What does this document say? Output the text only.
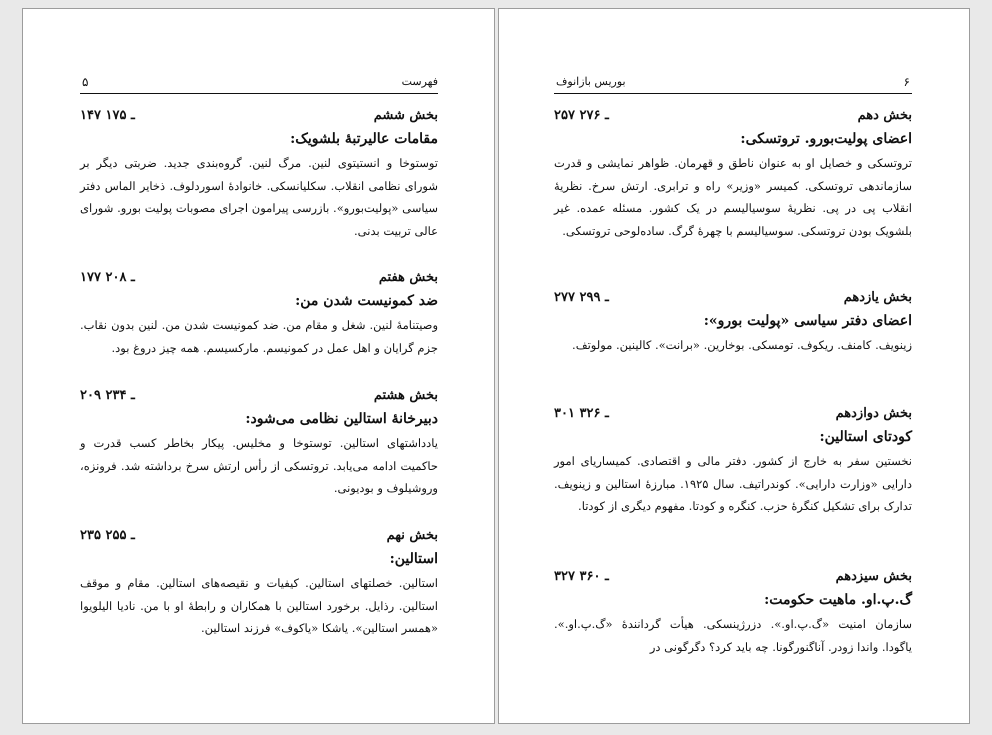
فهرست
۵
بخش ششم
۱۴۷ ـ ۱۷۵
مقامات عالیرتبهٔ بلشویک:
توستوخا و انستیتوی لنین. مرگ لنین. گروه‌بندی جدید. ضربتی دیگر بر شورای نظامی انقلاب. سکلیانسکی. خانوادهٔ اسوردلوف. ذخایر الماس دفتر سیاسی «پولیت‌بورو». بازرسی پیرامون اجرای مصوبات پولیت بورو. شورای عالی تربیت بدنی.
بخش هفتم
۱۷۷ ـ ۲۰۸
ضد کمونیست شدن من:
وصیتنامهٔ لنین. شغل و مقام من. ضد کمونیست شدن من. لنین بدون نقاب. جزم گرایان و اهل عمل در کمونیسم. مارکسیسم. همه چیز دروغ بود.
بخش هشتم
۲۰۹ ـ ۲۳۴
دبیرخانهٔ استالین نظامی می‌شود:
یادداشتهای استالین. توستوخا و مخلیس. پیکار بخاطر کسب قدرت و حاکمیت ادامه می‌یابد. تروتسکی از رأس ارتش سرخ برداشته شد. فرونزه، وروشیلوف و بودیونی.
بخش نهم
۲۳۵ ـ ۲۵۵
استالین:
استالین. خصلتهای استالین. کیفیات و نقیصه‌های استالین. مقام و موقف استالین. رذایل. برخورد استالین با همکاران و رابطهٔ او با من. نادیا الیلویوا «همسر استالین». یاشکا «یاکوف» فرزند استالین.
بوریس بازانوف	۶
بخش دهم
۲۵۷ ـ ۲۷۶
اعضای پولیت‌بورو. تروتسکی:
تروتسکی و خصایل او به عنوان ناطق و قهرمان. ظواهر نمایشی و قدرت سازماندهی تروتسکی. کمیسر «وزیر» راه و ترابری. ارتش سرخ. نظریهٔ انقلاب پی در پی. نظریهٔ سوسیالیسم در یک کشور. مسئله عمده. غیر بلشویک بودن تروتسکی. سوسیالیسم با چهرهٔ گرگ. ساده‌لوحی تروتسکی.
بخش یازدهم
۲۷۷ ـ ۲۹۹
اعضای دفتر سیاسی «پولیت بورو»:
زینویف. کامنف. ریکوف. تومسکی. بوخارین. «برانت». کالینین. مولوتف.
بخش دوازدهم
۳۰۱ ـ ۳۲۶
کودتای استالین:
نخستین سفر به خارج از کشور. دفتر مالی و اقتصادی. کمیساریای امور دارایی «وزارت دارایی». کوندراتیف. سال ۱۹۲۵. مبارزهٔ استالین و زینویف. تدارک برای تشکیل کنگرهٔ حزب. کنگره و کودتا. مفهوم دیگری از کودتا.
بخش سیزدهم
۳۲۷ ـ ۳۶۰
گ.پ.او. ماهیت حکومت:
سازمان امنیت «گ.پ.او.». دزرژینسکی. هیأت گردانندهٔ «گ.پ.او.». یاگودا. واندا زودر. آناگنورگونا. چه باید کرد؟ دگرگونی در
